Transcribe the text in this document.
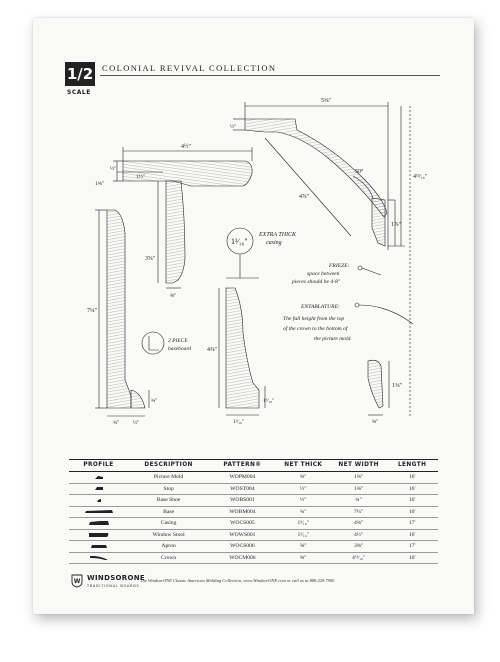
1/2
SCALE
COLONIAL REVIVAL COLLECTION
5⅜"
½"
4⅞"
50°
4¹³⁄₁₆"
1⅞"
4½"
½"
1⅜"
1½"
3⅝"
⅜"
7¼"
¾"
¾" ½"
2 PIECE
baseboard
1³⁄₁₆"
EXTRA THICK
casing
4⅜"
1³⁄₁₆"
1³⁄₁₆"
FRIEZE:
space between
pieces should be 4-8"
ENTABLATURE:
The full height from the top
of the crown to the bottom of
the picture mold.
1⅜"
⅜"
PROFILE	DESCRIPTION	PATTERN®	NET THICK	NET WIDTH	LENGTH

	Picture Mold	WOPM004	⅝"	1⅜"	16'

	Stop	WOST004	½"	1⅜"	16'

	Base Shoe	WOBS001	½"	¾"	16'

	Base	WOBM004	¾"	7¼"	16'

	Casing	WOCS005	1³⁄₁₆"	4⅜"	17'

	Window Stool	WOWS001	1³⁄₁₆"	4½"	16'

	Apron	WOCS006	⅜"	3⅝"	17'

	Crown	WOCM006	⅝"	4¹³⁄₁₆"	16'
W WINDSORONE
TRADITIONAL BOARDS
The WindsorONE Classic American Molding Collection, www.WindsorONE.com or call us at 888.229.7900
